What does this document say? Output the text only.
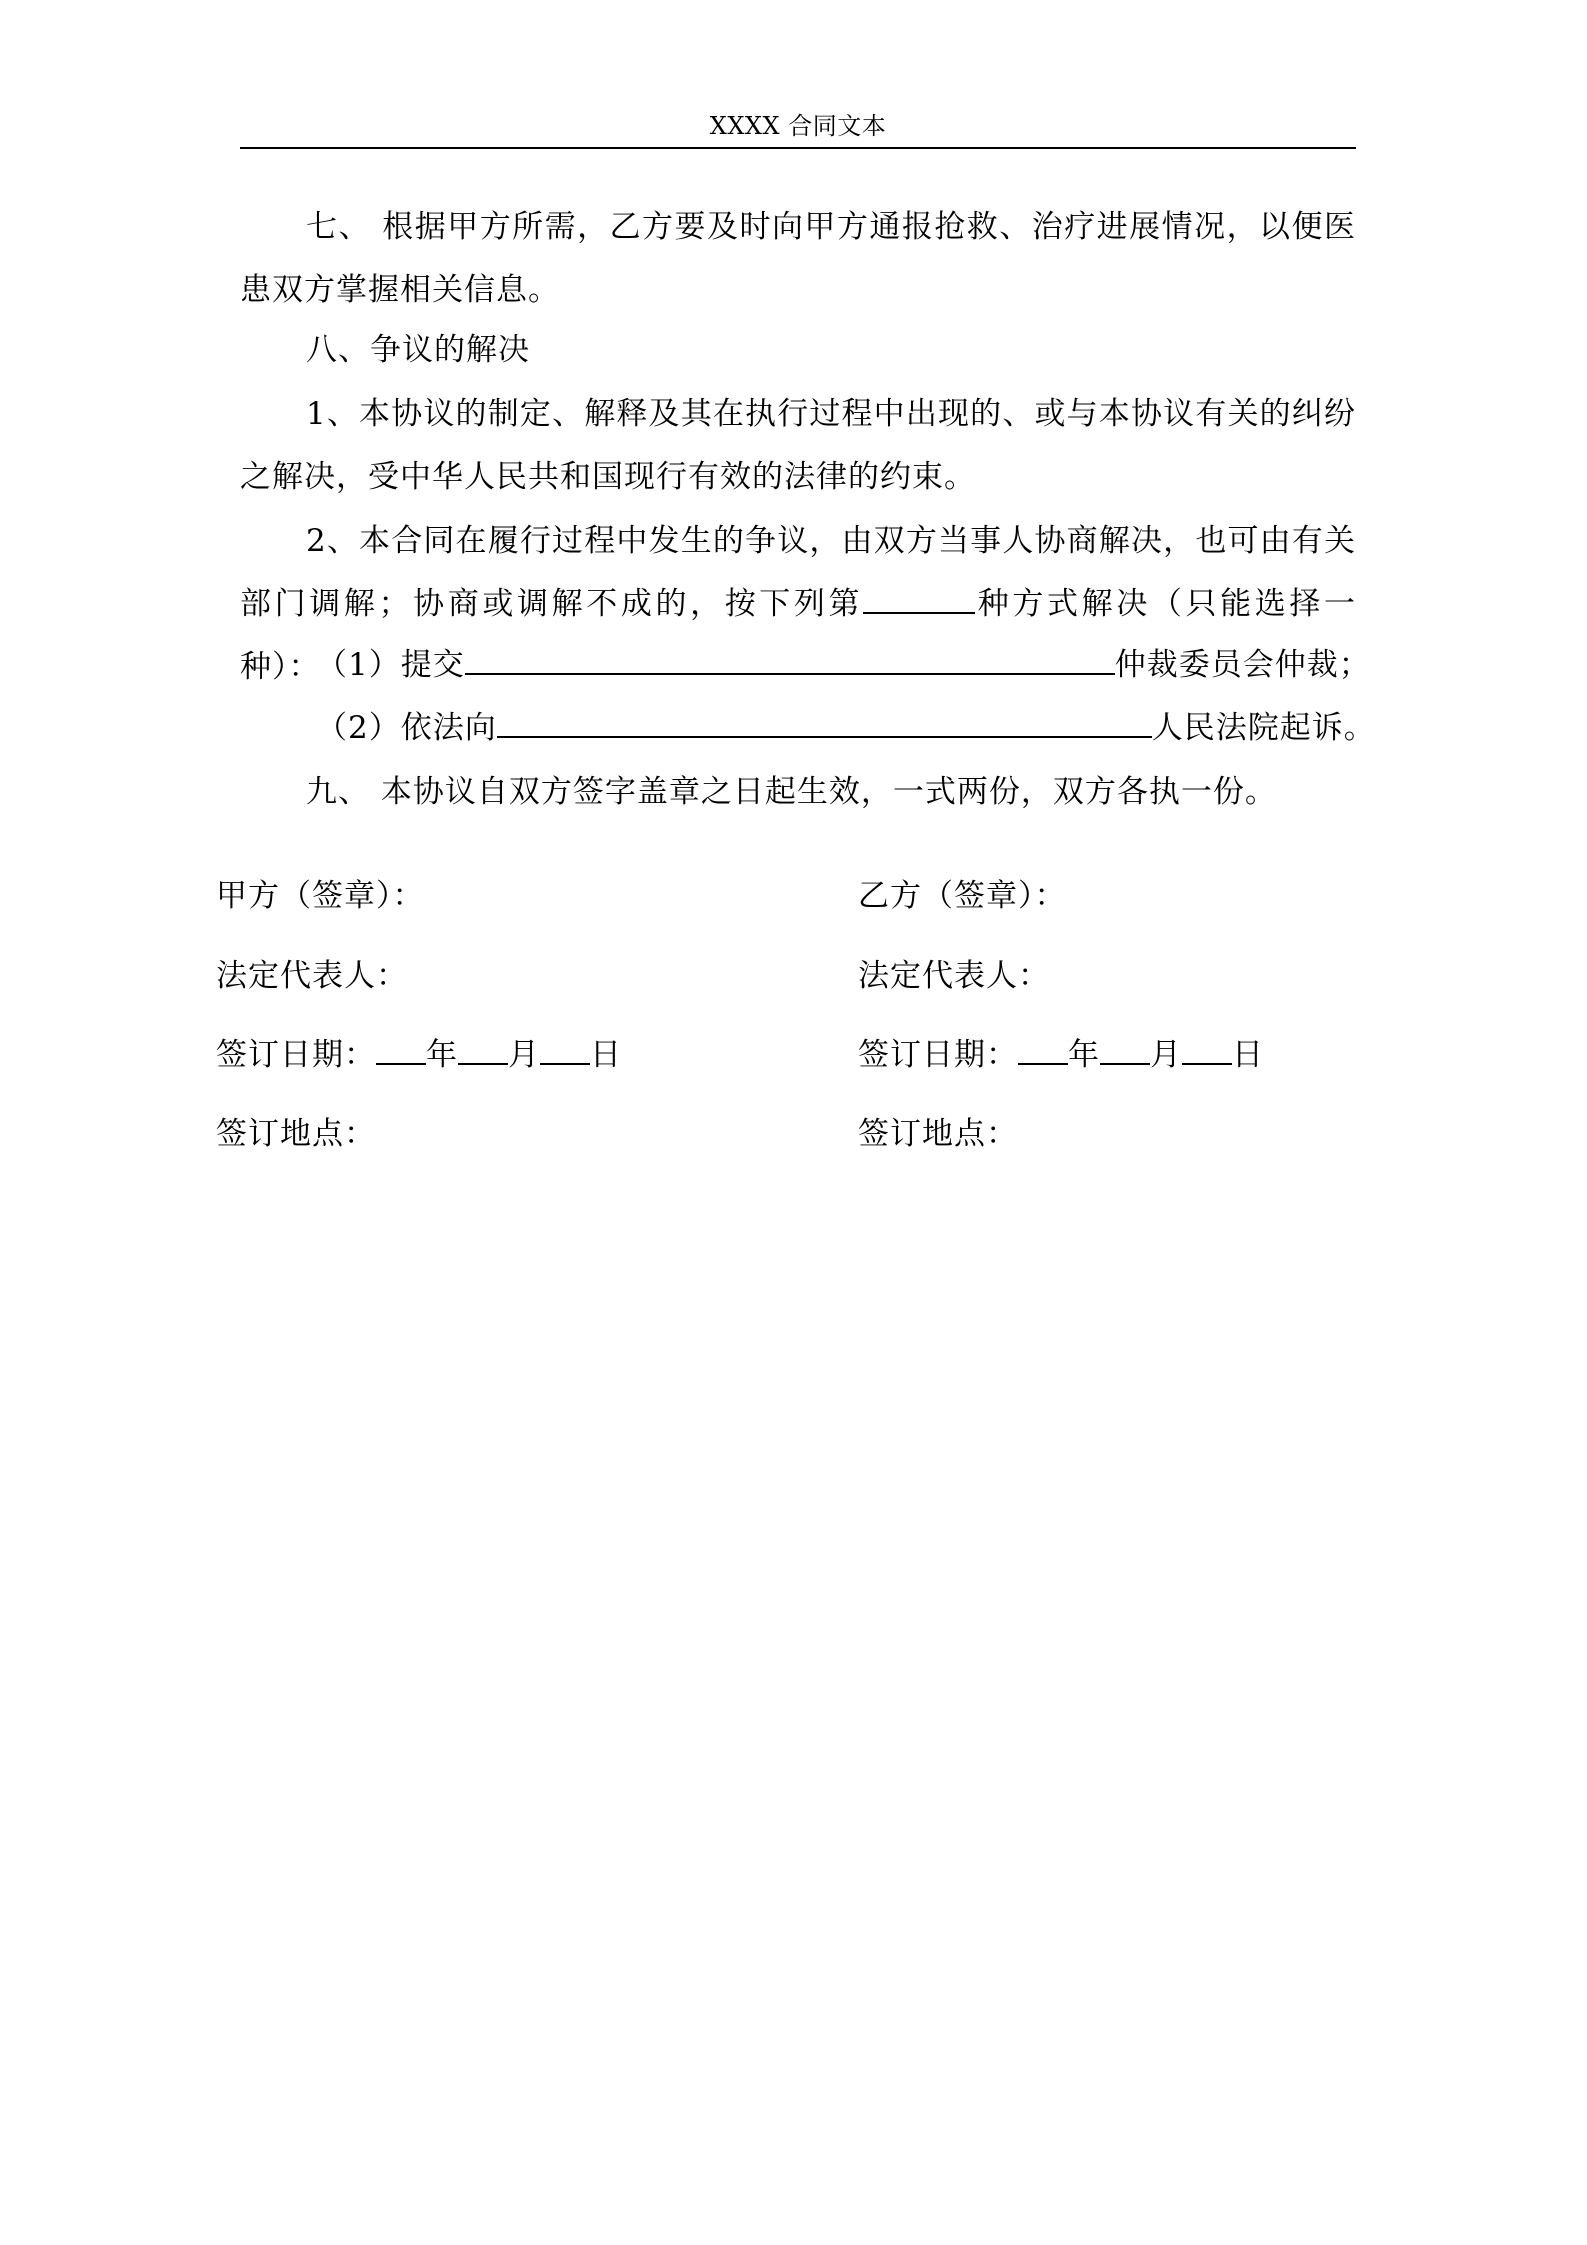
XXXX 合同文本
七、 根据甲方所需，乙方要及时向甲方通报抢救、治疗进展情况，以便医患双方掌握相关信息。
八、争议的解决
1、本协议的制定、解释及其在执行过程中出现的、或与本协议有关的纠纷之解决，受中华人民共和国现行有效的法律的约束。
2、本合同在履行过程中发生的争议，由双方当事人协商解决，也可由有关部门调解；协商或调解不成的，按下列第	种方式解决（只能选择一种）：
（1）提交	仲裁委员会仲裁；
（2）依法向	人民法院起诉。
九、 本协议自双方签字盖章之日起生效，一式两份，双方各执一份。
甲方（签章）：
法定代表人：
签订日期： 年 月 日
签订地点：
乙方（签章）：
法定代表人：
签订日期： 年 月 日
签订地点：
